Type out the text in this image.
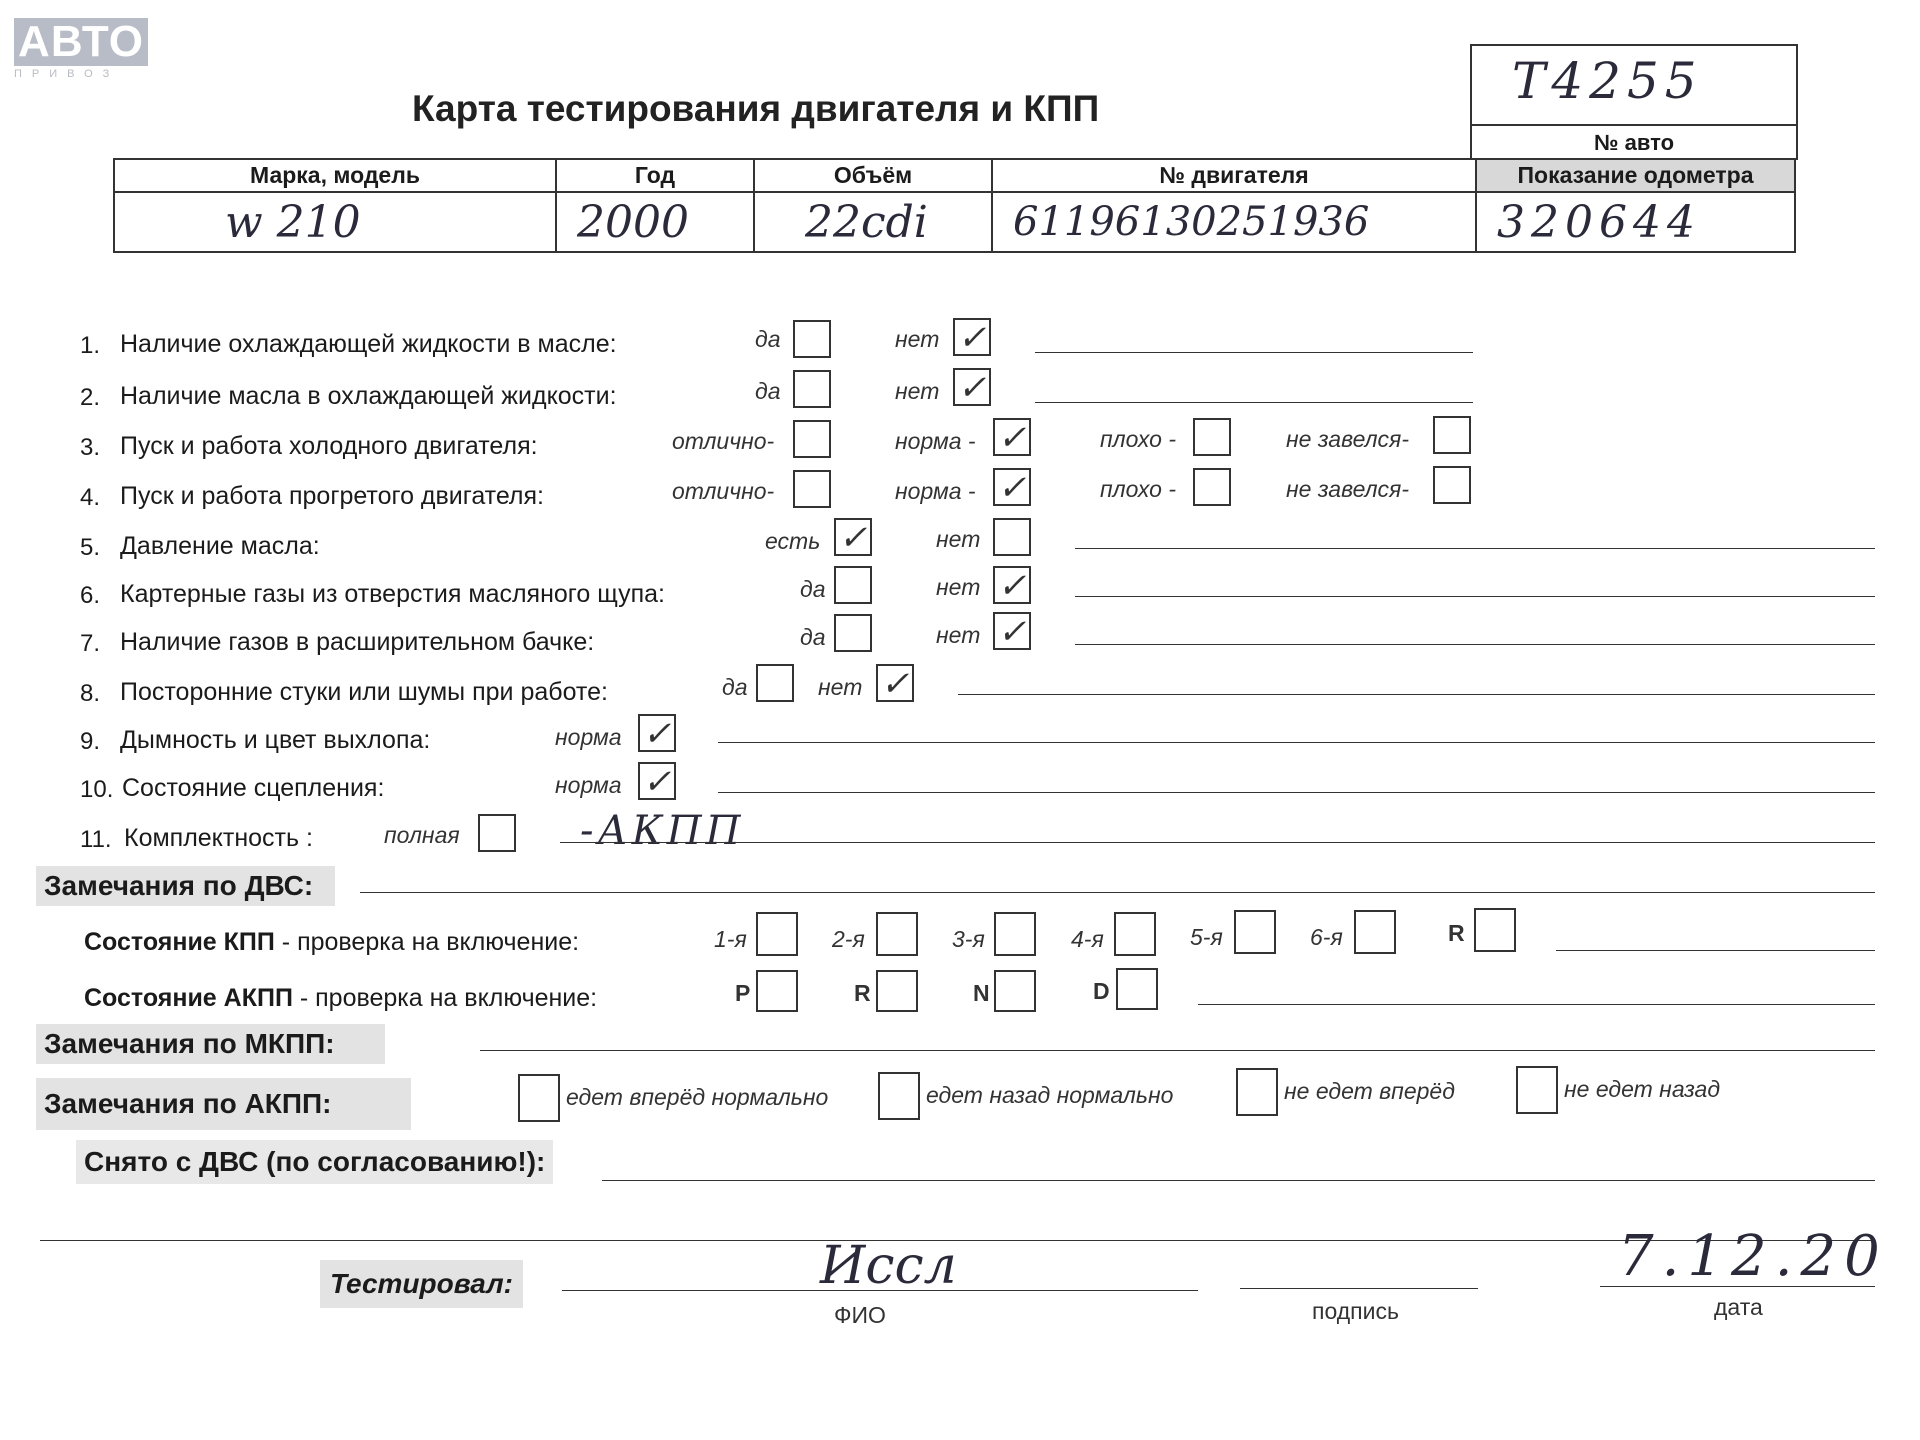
АВТО
ПРИВОЗ
Карта тестирования двигателя и КПП	Т4255
№ авто
Марка, модель	Год	Объём	№ двигателя	Показание одометра
w 210	2000	22cdi	61196130251936	320644
1. Наличие охлаждающей жидкости в масле:	да	нет ✓
2. Наличие масла в охлаждающей жидкости:	да	нет ✓
3. Пуск и работа холодного двигателя:	отлично-	норма - ✓	плохо -	не завелся-
4. Пуск и работа прогретого двигателя:	отлично-	норма - ✓	плохо -	не завелся-
5. Давление масла:	есть ✓	нет
6. Картерные газы из отверстия масляного щупа:	да	нет ✓
7. Наличие газов в расширительном бачке:	да	нет ✓
8. Посторонние стуки или шумы при работе:	да	нет ✓
9. Дымность и цвет выхлопа:	норма ✓
10. Состояние сцепления:	норма ✓
11. Комплектность :	полная	-АКПП
Замечания по ДВС:
Состояние КПП - проверка на включение:	1-я	2-я	3-я	4-я	5-я	6-я	R
Состояние АКПП - проверка на включение:	P	R	N	D
Замечания по МКПП:
Замечания по АКПП:	едет вперёд нормально	едет назад нормально	не едет вперёд	не едет назад
Снято с ДВС (по согласованию!):
Тестировал:	Иссл	7.12.20
ФИО	подпись	дата
